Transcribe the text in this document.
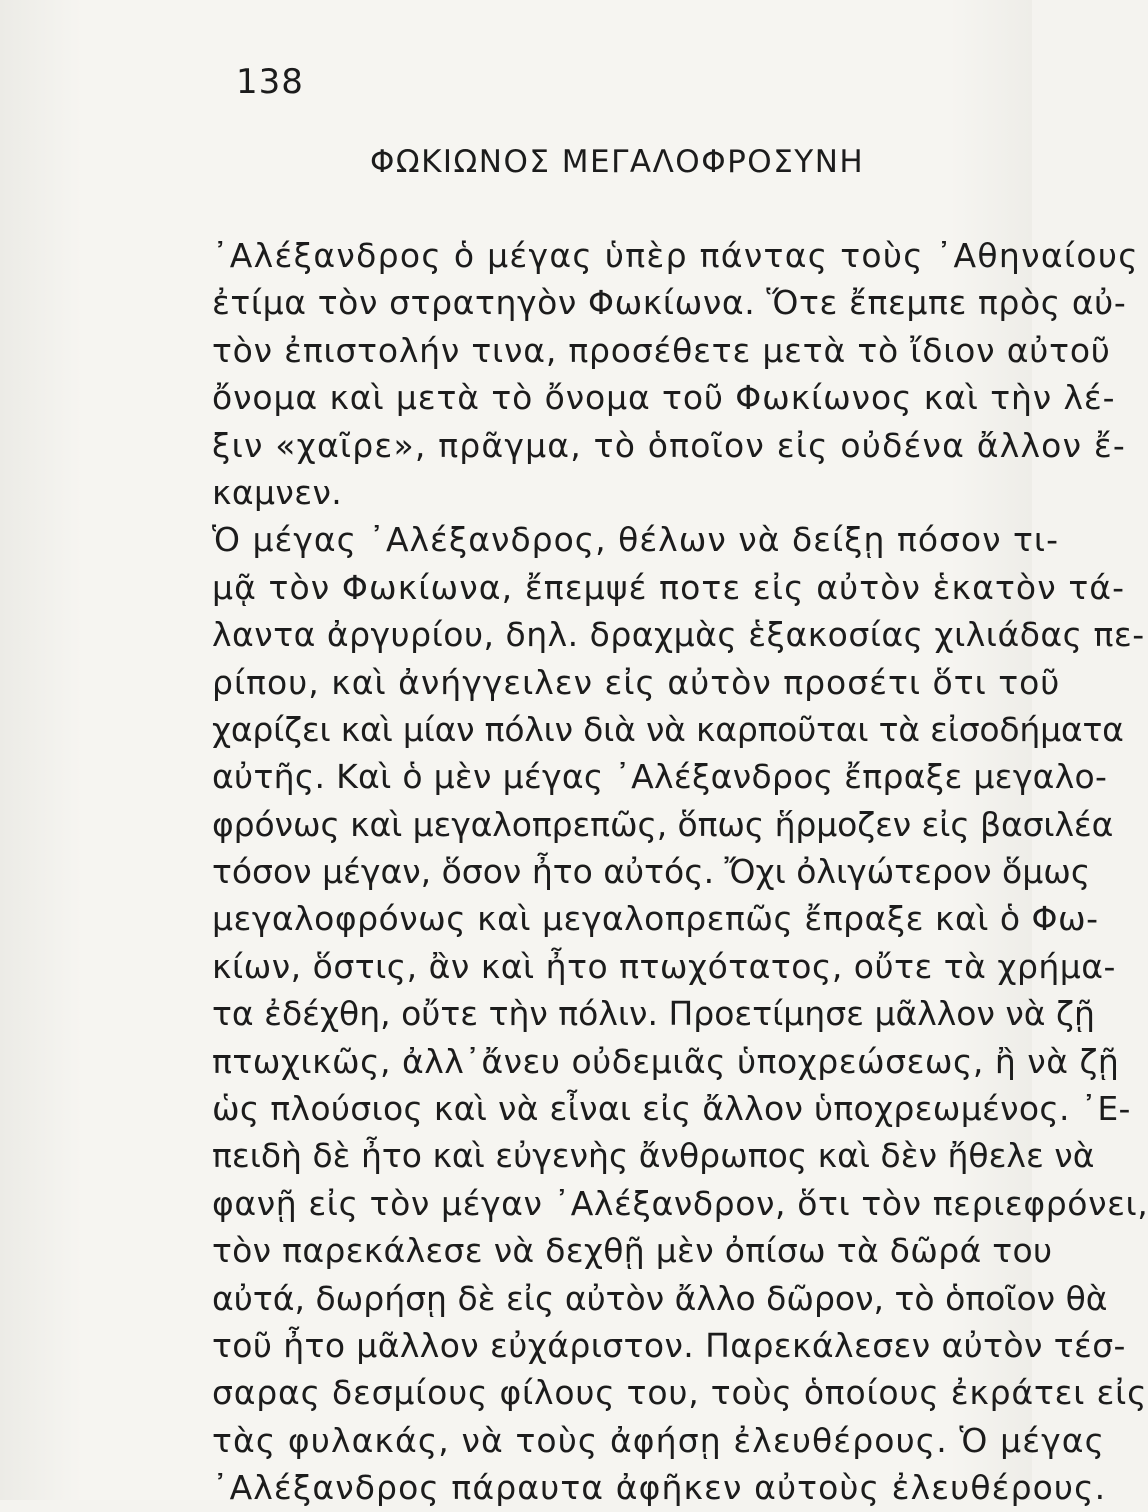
138
ΦΩΚΙΩΝΟΣ ΜΕΓΑΛΟΦΡΟΣΥΝΗ
᾿Αλέξανδρος ὁ μέγας ὑπὲρ πάντας τοὺς ᾿Αθηναίους
ἐτίμα τὸν στρατηγὸν Φωκίωνα. Ὅτε ἔπεμπε πρὸς αὐ-
τὸν ἐπιστολήν τινα, προσέθετε μετὰ τὸ ἴδιον αὐτοῦ
ὄνομα καὶ μετὰ τὸ ὄνομα τοῦ Φωκίωνος καὶ τὴν λέ-
ξιν «χαῖρε», πρᾶγμα, τὸ ὁποῖον εἰς οὐδένα ἄλλον ἔ-
καμνεν.
Ὁ μέγας ᾿Αλέξανδρος, θέλων νὰ δείξῃ πόσον τι-
μᾷ τὸν Φωκίωνα, ἔπεμψέ ποτε εἰς αὐτὸν ἑκατὸν τά-
λαντα ἀργυρίου, δηλ. δραχμὰς ἑξακοσίας χιλιάδας πε-
ρίπου, καὶ ἀνήγγειλεν εἰς αὐτὸν προσέτι ὅτι τοῦ
χαρίζει καὶ μίαν πόλιν διὰ νὰ καρποῦται τὰ εἰσοδήματα
αὐτῆς. Καὶ ὁ μὲν μέγας ᾿Αλέξανδρος ἔπραξε μεγαλο-
φρόνως καὶ μεγαλοπρεπῶς, ὅπως ἥρμοζεν εἰς βασιλέα
τόσον μέγαν, ὅσον ἦτο αὐτός. Ὄχι ὀλιγώτερον ὅμως
μεγαλοφρόνως καὶ μεγαλοπρεπῶς ἔπραξε καὶ ὁ Φω-
κίων, ὅστις, ἂν καὶ ἦτο πτωχότατος, οὔτε τὰ χρήμα-
τα ἐδέχθη, οὔτε τὴν πόλιν. Προετίμησε μᾶλλον νὰ ζῇ
πτωχικῶς, ἀλλ᾿ἄνευ οὐδεμιᾶς ὑποχρεώσεως, ἢ νὰ ζῇ
ὡς πλούσιος καὶ νὰ εἶναι εἰς ἄλλον ὑποχρεωμένος. ᾿Ε-
πειδὴ δὲ ἦτο καὶ εὐγενὴς ἄνθρωπος καὶ δὲν ἤθελε νὰ
φανῇ εἰς τὸν μέγαν ᾿Αλέξανδρον, ὅτι τὸν περιεφρόνει,
τὸν παρεκάλεσε νὰ δεχθῇ μὲν ὀπίσω τὰ δῶρά του
αὐτά, δωρήσῃ δὲ εἰς αὐτὸν ἄλλο δῶρον, τὸ ὁποῖον θὰ
τοῦ ἦτο μᾶλλον εὐχάριστον. Παρεκάλεσεν αὐτὸν τέσ-
σαρας δεσμίους φίλους του, τοὺς ὁποίους ἐκράτει εἰς
τὰς φυλακάς, νὰ τοὺς ἀφήσῃ ἐλευθέρους. Ὁ μέγας
᾿Αλέξανδρος πάραυτα ἀφῆκεν αὐτοὺς ἐλευθέρους.
